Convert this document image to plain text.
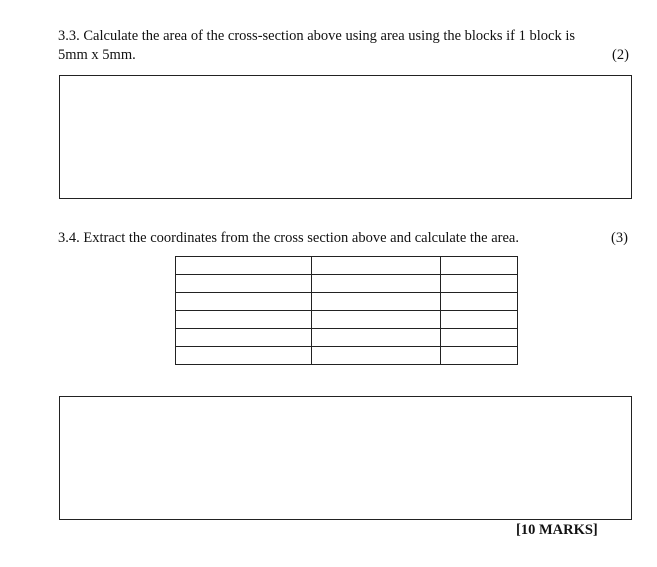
3.3. Calculate the area of the cross-section above using area using the blocks if 1 block is
5mm x 5mm.	(2)
3.4. Extract the coordinates from the cross section above and calculate the area.	(3)

[10 MARKS]
